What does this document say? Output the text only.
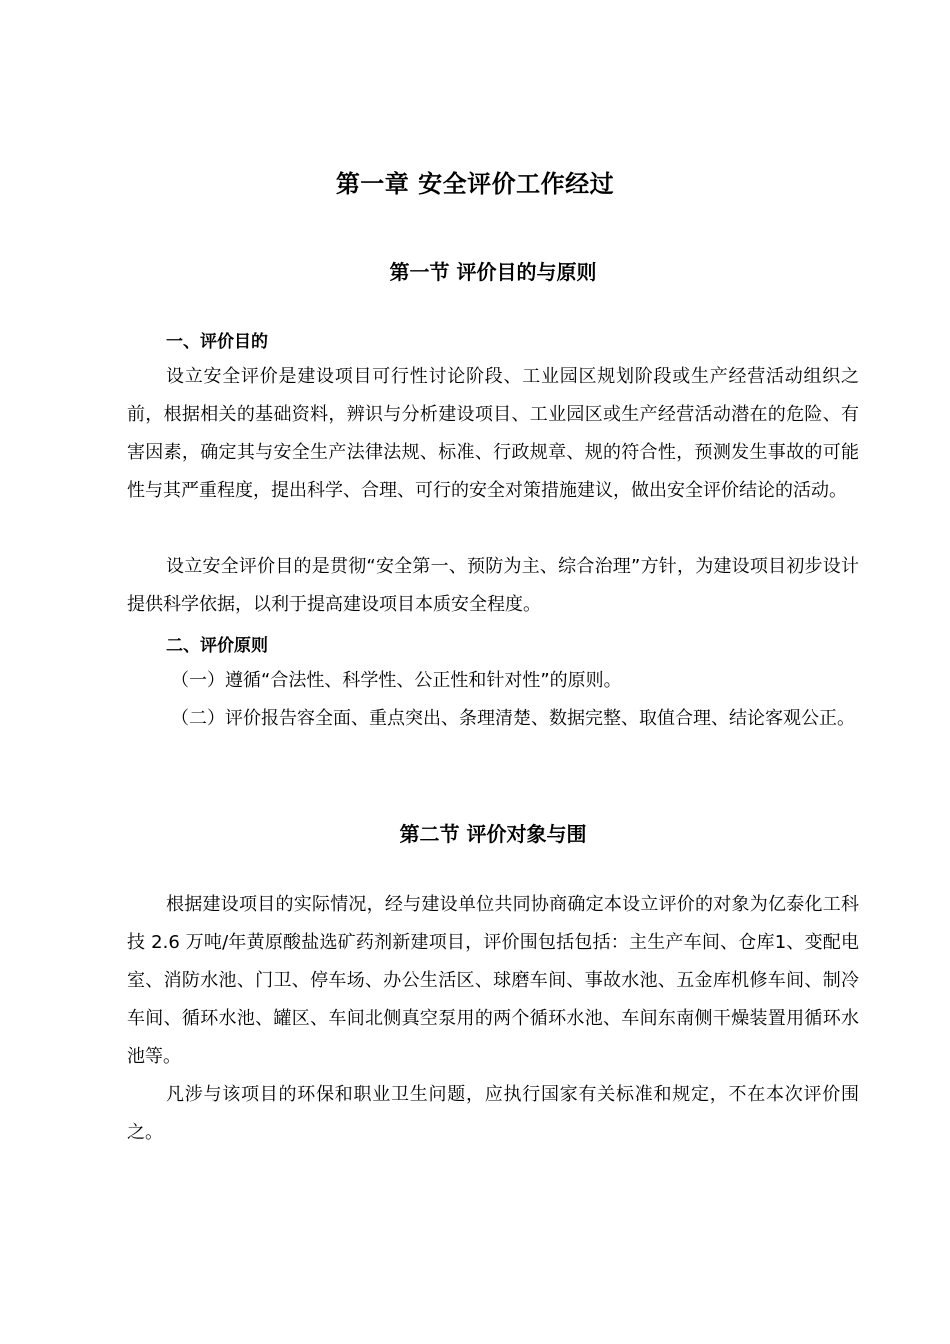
第一章 安全评价工作经过
第一节 评价目的与原则
一、评价目的

设立安全评价是建设项目可行性讨论阶段、工业园区规划阶段或生产经营活动组织之前，根据相关的基础资料，辨识与分析建设项目、工业园区或生产经营活动潜在的危险、有害因素，确定其与安全生产法律法规、标准、行政规章、规的符合性，预测发生事故的可能性与其严重程度，提出科学、合理、可行的安全对策措施建议，做出安全评价结论的活动。

设立安全评价目的是贯彻“安全第一、预防为主、综合治理”方针，为建设项目初步设计提供科学依据，以利于提高建设项目本质安全程度。

二、评价原则

（一）遵循“合法性、科学性、公正性和针对性”的原则。

（二）评价报告容全面、重点突出、条理清楚、数据完整、取值合理、结论客观公正。

第二节 评价对象与围

根据建设项目的实际情况，经与建设单位共同协商确定本设立评价的对象为亿泰化工科技 2.6 万吨/年黄原酸盐选矿药剂新建项目，评价围包括包括：主生产车间、仓库1、变配电室、消防水池、门卫、停车场、办公生活区、球磨车间、事故水池、五金库机修车间、制冷车间、循环水池、罐区、车间北侧真空泵用的两个循环水池、车间东南侧干燥装置用循环水池等。

凡涉与该项目的环保和职业卫生问题，应执行国家有关标准和规定，不在本次评价围之。
